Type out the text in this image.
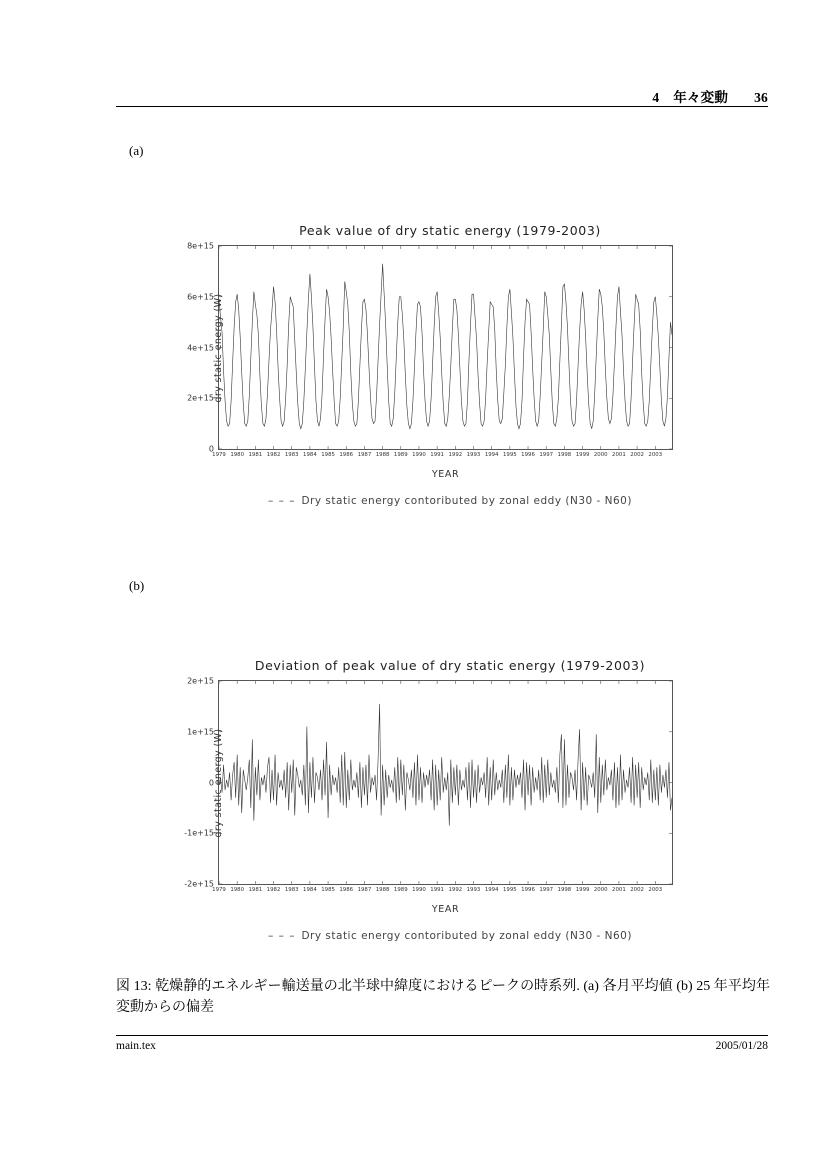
4 年々変動 36
(a)
(b)
Peak value of dry static energy (1979-2003)
dry static energy (W)
YEAR
0
2e+15
4e+15
6e+15
8e+15
1979 1980 1981 1982 1983 1984 1985 1986 1987 1988 1989 1990 1991 1992 1993 1994 1995 1996 1997 1998 1999 2000 2001 2002 2003
– – – Dry static energy contoributed by zonal eddy (N30 - N60)
Deviation of peak value of dry static energy (1979-2003)
dry static energy (W)
YEAR
-2e+15
-1e+15
0
1e+15
2e+15
1979 1980 1981 1982 1983 1984 1985 1986 1987 1988 1989 1990 1991 1992 1993 1994 1995 1996 1997 1998 1999 2000 2001 2002 2003
– – – Dry static energy contoributed by zonal eddy (N30 - N60)
図 13: 乾燥静的エネルギー輸送量の北半球中緯度におけるピークの時系列. (a) 各月平均値 (b) 25 年平均年変動からの偏差
main.tex	2005/01/28
